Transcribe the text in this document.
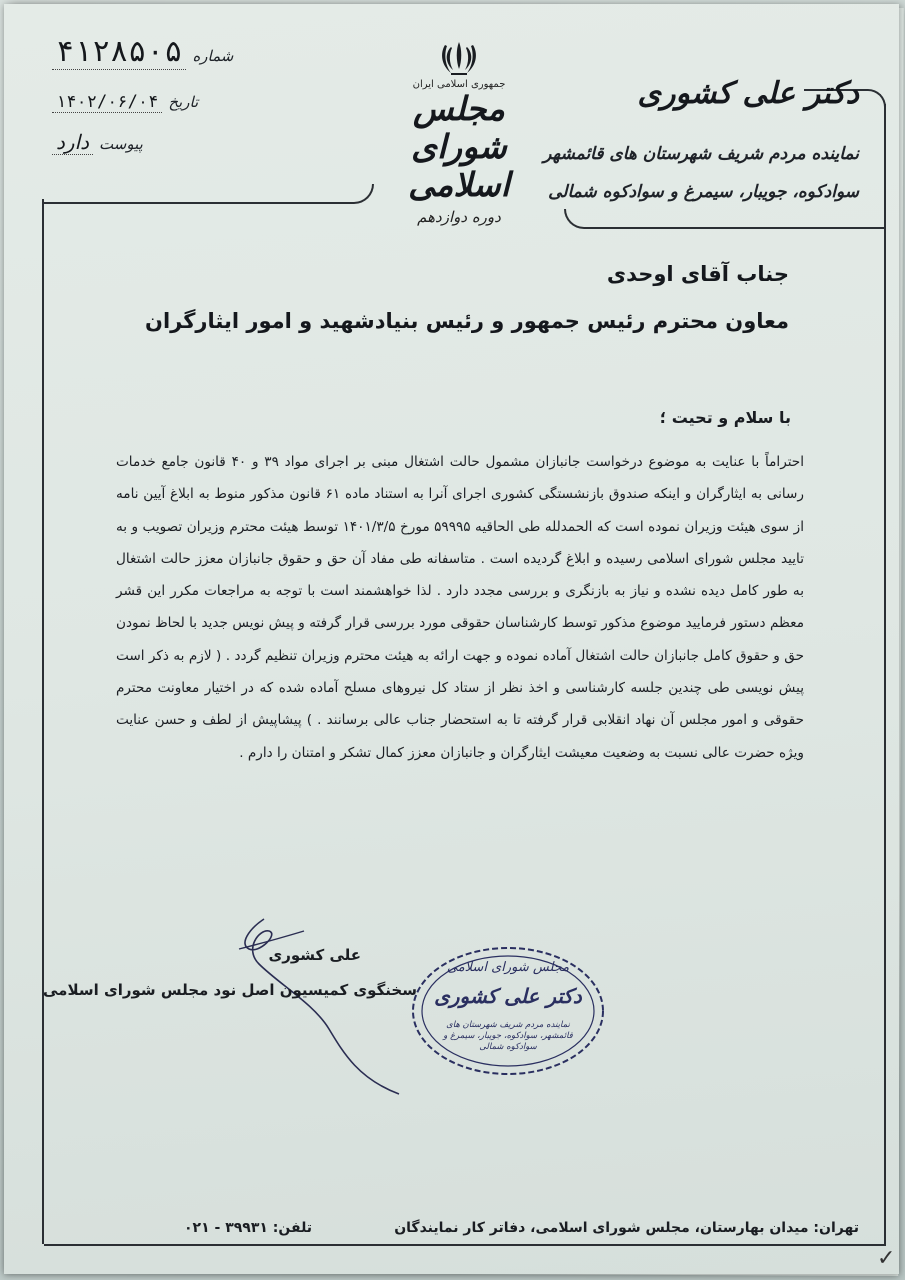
شماره
۴۱۲۸۵۰۵
تاریخ
۱۴۰۲/۰۶/۰۴
پیوست
دارد
جمهوری اسلامی ایران
مجلس شورای اسلامی
دوره دوازدهم
دکتر علی کشوری
نماینده مردم شریف شهرستان های قائمشهر
سوادکوه، جویبار، سیمرغ و سوادکوه شمالی
جناب آقای اوحدی
معاون محترم رئیس جمهور و رئیس بنیادشهید و امور ایثارگران
با سلام و تحیت ؛
احتراماً با عنایت به موضوع درخواست جانبازان مشمول حالت اشتغال مبنی بر اجرای مواد ۳۹ و ۴۰ قانون جامع خدمات رسانی به ایثارگران و اینکه صندوق بازنشستگی کشوری اجرای آنرا به استناد ماده ۶۱ قانون مذکور منوط به ابلاغ آیین نامه از سوی هیئت وزیران نموده است که الحمدلله طی الحاقیه ۵۹۹۹۵ مورخ ۱۴۰۱/۳/۵ توسط هیئت محترم وزیران تصویب و به تایید مجلس شورای اسلامی رسیده و ابلاغ گردیده است . متاسفانه طی مفاد آن حق و حقوق جانبازان معزز حالت اشتغال به طور کامل دیده نشده و نیاز به بازنگری و بررسی مجدد دارد . لذا خواهشمند است با توجه به مراجعات مکرر این قشر معظم دستور فرمایید موضوع مذکور توسط کارشناسان حقوقی مورد بررسی قرار گرفته و پیش نویس جدید با لحاظ نمودن حق و حقوق کامل جانبازان حالت اشتغال آماده نموده و جهت ارائه به هیئت محترم وزیران تنظیم گردد . ( لازم به ذکر است پیش نویسی طی چندین جلسه کارشناسی و اخذ نظر از ستاد کل نیروهای مسلح آماده شده که در اختیار معاونت محترم حقوقی و امور مجلس آن نهاد انقلابی قرار گرفته تا به استحضار جناب عالی برسانند . ) پیشاپیش از لطف و حسن عنایت ویژه حضرت عالی نسبت به وضعیت معیشت ایثارگران و جانبازان معزز کمال تشکر و امتنان را دارم .
علی کشوری
سخنگوی کمیسیون اصل نود مجلس شورای اسلامی
مجلس شورای اسلامی
دکتر علی کشوری
نماینده مردم شریف شهرستان های قائمشهر، سوادکوه، جویبار، سیمرغ و سوادکوه شمالی
تهران: میدان بهارستان، مجلس شورای اسلامی، دفاتر کار نمایندگان
تلفن: ۳۹۹۳۱ - ۰۲۱
✓
